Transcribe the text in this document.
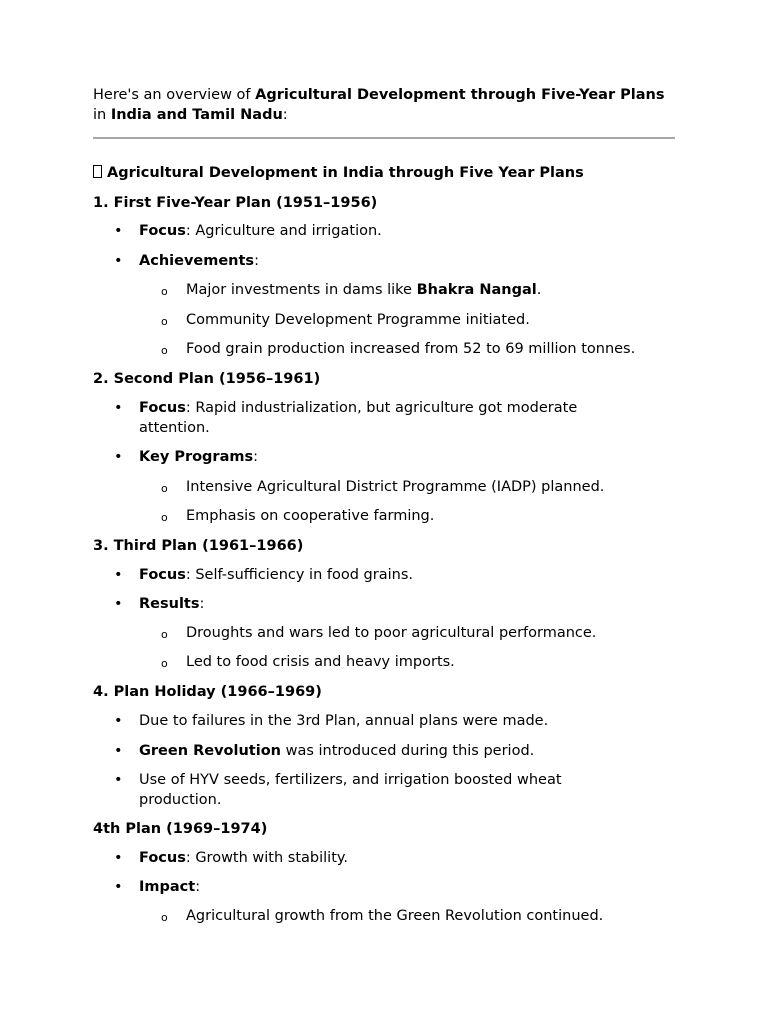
Here's an overview of Agricultural Development through Five-Year Plans in India and Tamil Nadu:

Agricultural Development in India through Five Year Plans
1. First Five-Year Plan (1951–1956)
• Focus: Agriculture and irrigation.
• Achievements:
o Major investments in dams like Bhakra Nangal.
o Community Development Programme initiated.
o Food grain production increased from 52 to 69 million tonnes.
2. Second Plan (1956–1961)
• Focus: Rapid industrialization, but agriculture got moderate
attention.
• Key Programs:
o Intensive Agricultural District Programme (IADP) planned.
o Emphasis on cooperative farming.
3. Third Plan (1961–1966)
• Focus: Self-sufficiency in food grains.
• Results:
o Droughts and wars led to poor agricultural performance.
o Led to food crisis and heavy imports.
4. Plan Holiday (1966–1969)
• Due to failures in the 3rd Plan, annual plans were made.
• Green Revolution was introduced during this period.
• Use of HYV seeds, fertilizers, and irrigation boosted wheat
production.
4th Plan (1969–1974)
• Focus: Growth with stability.
• Impact:
o Agricultural growth from the Green Revolution continued.
